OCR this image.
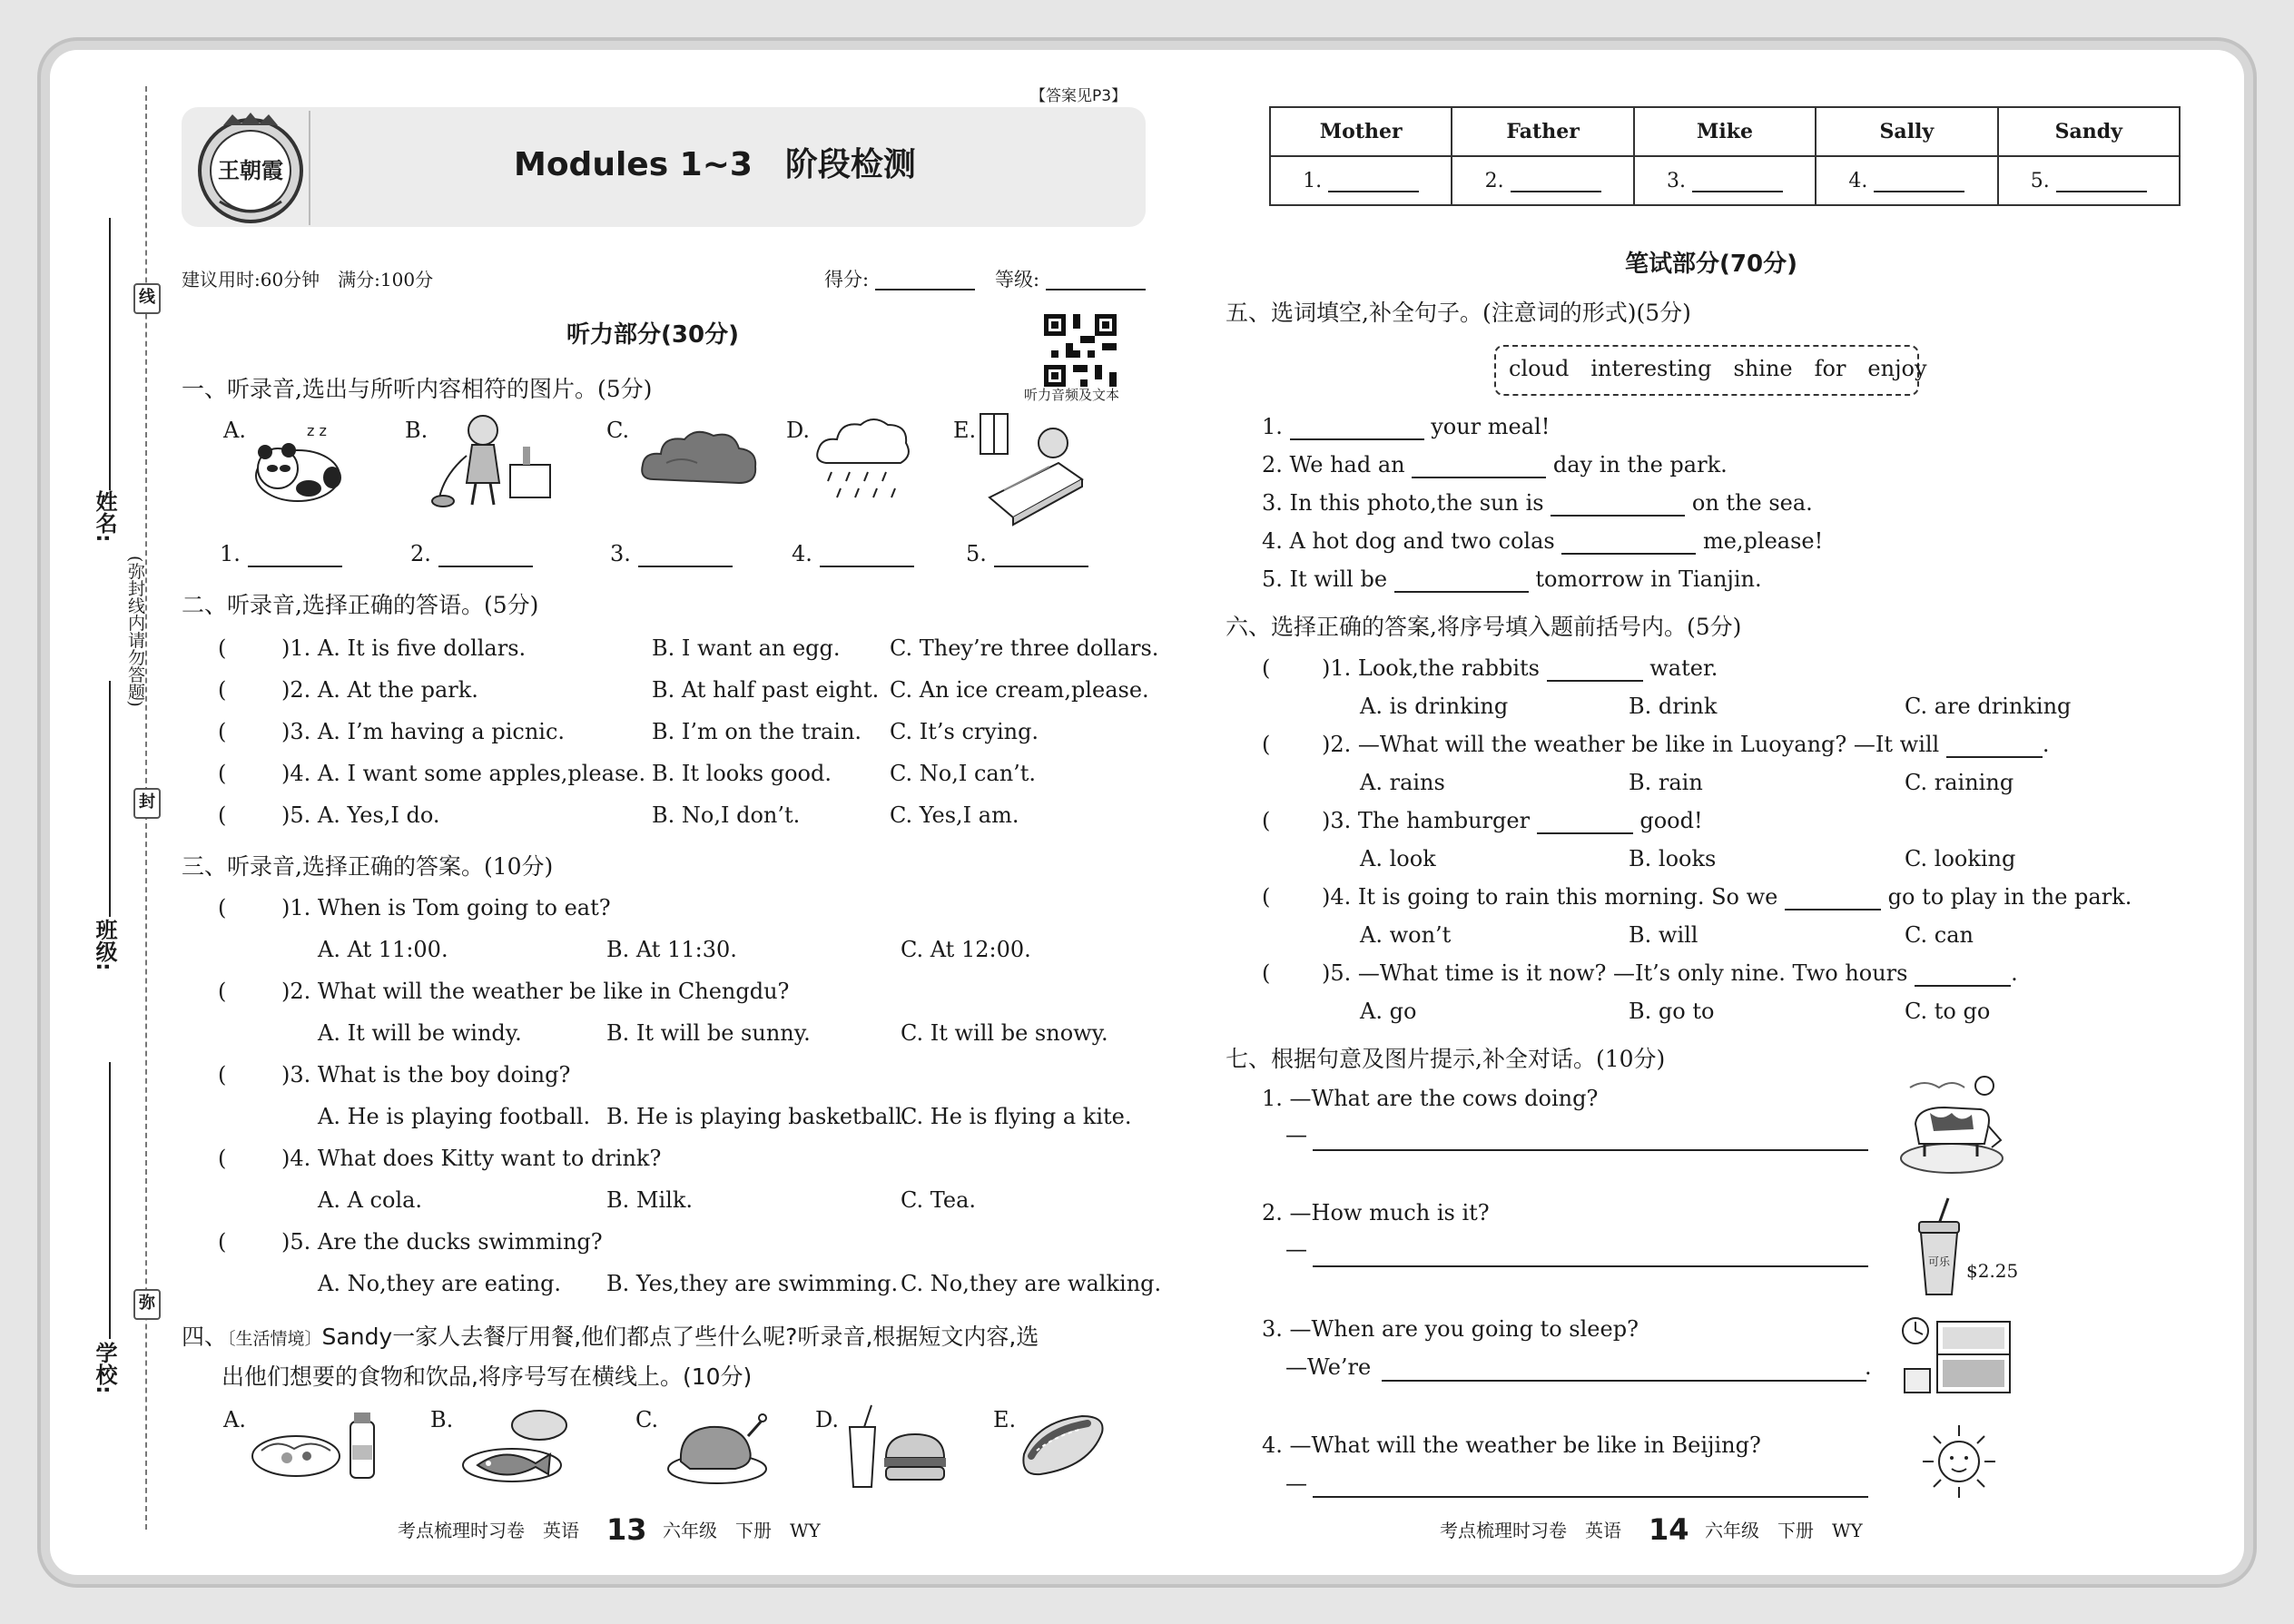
线
封
弥
(弥封线内请勿答题)
姓名:
班级:
学校:
【答案见P3】
王朝霞	Modules 1~3　阶段检测
建议用时:60分钟　满分:100分	得分:	等级:
听力音频及文本
听力部分(30分)
一、听录音,选出与所听内容相符的图片。(5分)
A.	B.	C.	D.	E.
z z
1.	2.	3.	4.	5.
二、听录音,选择正确的答语。(5分)
(	)1. A. It is five dollars.	B. I want an egg. C. They’re three dollars.
(	)2. A. At the park.	B. At half past eight. C. An ice cream,please.
(	)3. A. I’m having a picnic.	B. I’m on the train. C. It’s crying.
(	)4. A. I want some apples,please. B. It looks good.	C. No,I can’t.
(	)5. A. Yes,I do.	B. No,I don’t.	C. Yes,I am.
三、听录音,选择正确的答案。(10分)
(	)1. When is Tom going to eat?
A. At 11:00.	B. At 11:30.	C. At 12:00.
(	)2. What will the weather be like in Chengdu?
A. It will be windy.	B. It will be sunny.	C. It will be snowy.
(	)3. What is the boy doing?
A. He is playing football. B. He is playing basketball.
C. He is flying a kite.
(	)4. What does Kitty want to drink?
A. A cola.	B. Milk.	C. Tea.
(	)5. Are the ducks swimming?
A. No,they are eating. B. Yes,they are swimming. C. No,they are walking.
四、〔生活情境〕Sandy一家人去餐厅用餐,他们都点了些什么呢?听录音,根据短文内容,选
出他们想要的食物和饮品,将序号写在横线上。(10分)
A.	B.	C.	D.	E.
考点梳理时习卷　英语 13 六年级　下册　WY
Mother	Father	Mike	Sally	Sandy
1.	2.	3.	4.	5.
笔试部分(70分)
五、选词填空,补全句子。(注意词的形式)(5分)
cloud　interesting　shine　for　enjoy
1.	your meal!
2. We had an	day in the park.
3. In this photo,the sun is	on the sea.
4. A hot dog and two colas	me,please!
5. It will be	tomorrow in Tianjin.
六、选择正确的答案,将序号填入题前括号内。(5分)
( )1. Look,the rabbits	water.
A. is drinking	B. drink	C. are drinking
( )2. —What will the weather be like in Luoyang? —It will	.
A. rains	B. rain	C. raining
( )3. The hamburger	good!
A. look	B. looks	C. looking
( )4. It is going to rain this morning. So we	go to play in the park.
A. won’t	B. will	C. can
( )5. —What time is it now? —It’s only nine. Two hours	.
A. go	B. go to	C. to go
七、根据句意及图片提示,补全对话。(10分)
1. —What are the cows doing?
—
2. —How much is it?
—
3. —When are you going to sleep?
—We’re	.
4. —What will the weather be like in Beijing?
—
可乐 $2.25
考点梳理时习卷　英语 14 六年级　下册　WY
